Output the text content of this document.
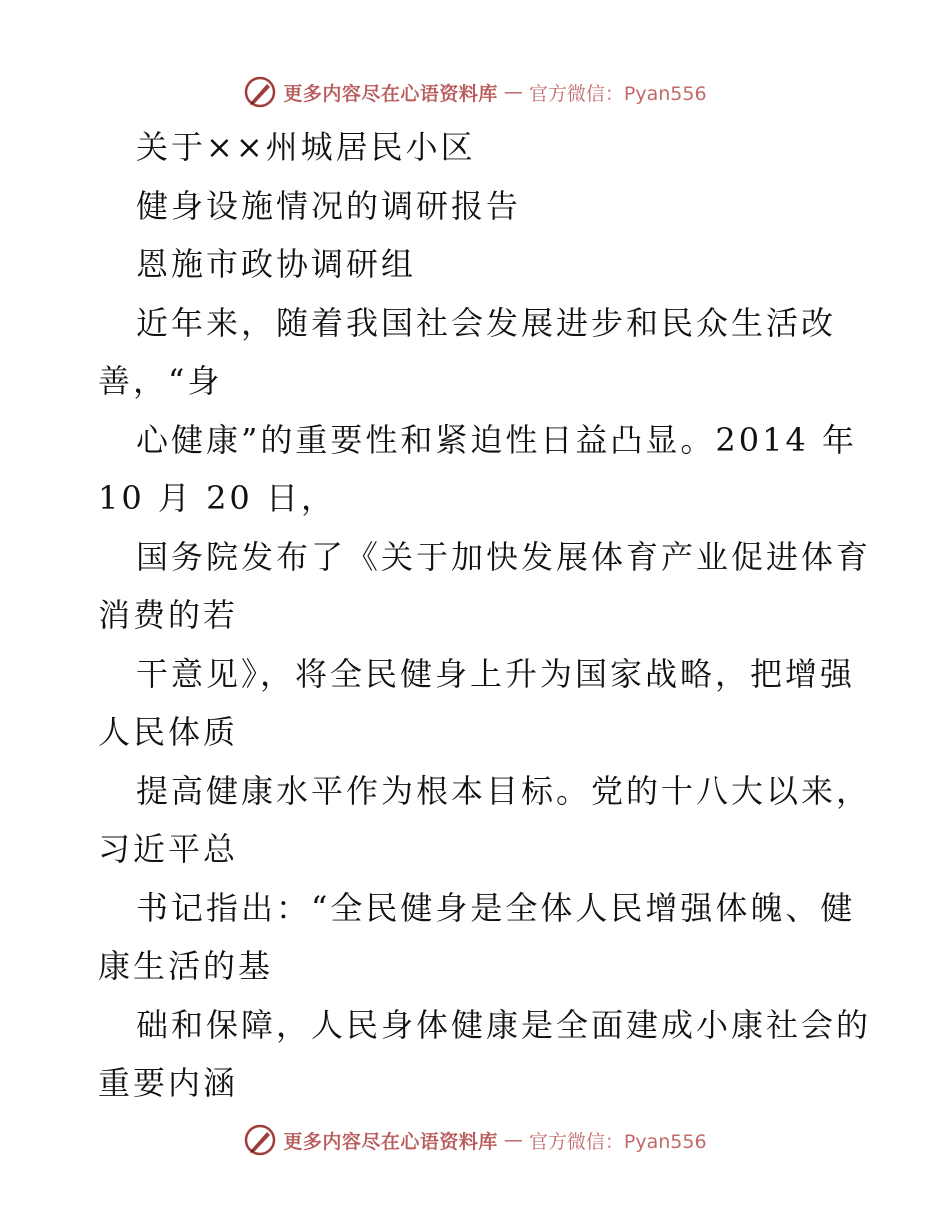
更多内容尽在心语资料库 — 官方微信：Pyan556
关于××州城居民小区
健身设施情况的调研报告
恩施市政协调研组
近年来，随着我国社会发展进步和民众生活改
善，“身
心健康”的重要性和紧迫性日益凸显。2014 年
10 月 20 日，
国务院发布了《关于加快发展体育产业促进体育
消费的若
干意见》，将全民健身上升为国家战略，把增强
人民体质
提高健康水平作为根本目标。党的十八大以来，
习近平总
书记指出：“全民健身是全体人民增强体魄、健
康生活的基
础和保障，人民身体健康是全面建成小康社会的
重要内涵
更多内容尽在心语资料库 — 官方微信：Pyan556
